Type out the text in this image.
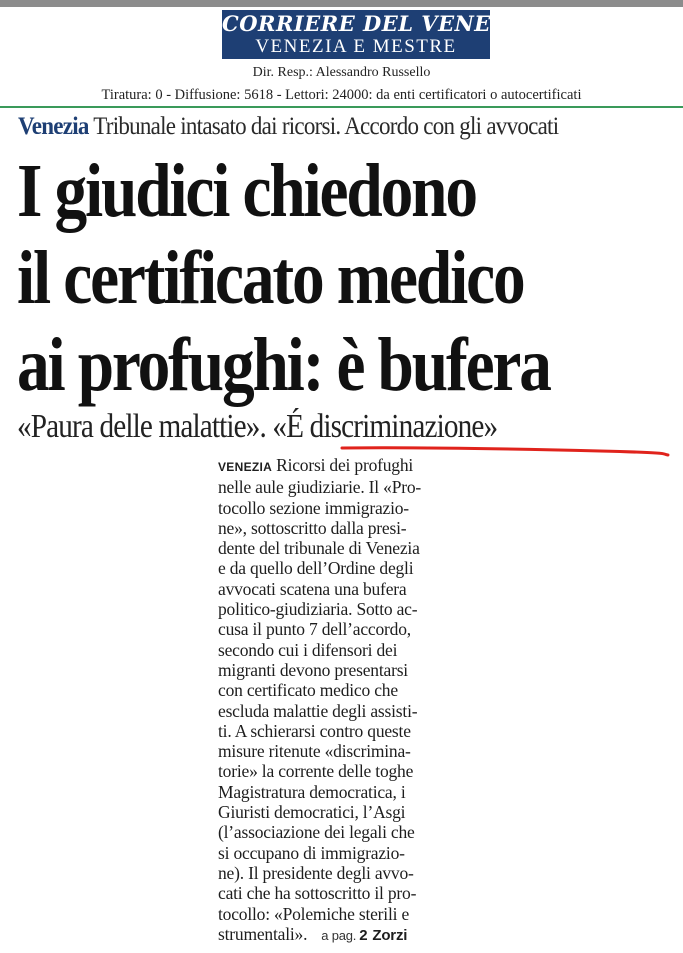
CORRIERE DEL VENETO
VENEZIA E MESTRE
Dir. Resp.: Alessandro Russello
Tiratura: 0 - Diffusione: 5618 - Lettori: 24000: da enti certificatori o autocertificati
Venezia Tribunale intasato dai ricorsi. Accordo con gli avvocati
I giudici chiedono
il certificato medico
ai profughi: è bufera
«Paura delle malattie». «É discriminazione»
VENEZIA Ricorsi dei profughi
nelle aule giudiziarie. Il «Pro-
tocollo sezione immigrazio-
ne», sottoscritto dalla presi-
dente del tribunale di Venezia
e da quello dell’Ordine degli
avvocati scatena una bufera
politico-giudiziaria. Sotto ac-
cusa il punto 7 dell’accordo,
secondo cui i difensori dei
migranti devono presentarsi
con certificato medico che
escluda malattie degli assisti-
ti. A schierarsi contro queste
misure ritenute «discrimina-
torie» la corrente delle toghe
Magistratura democratica, i
Giuristi democratici, l’Asgi
(l’associazione dei legali che
si occupano di immigrazio-
ne). Il presidente degli avvo-
cati che ha sottoscritto il pro-
tocollo: «Polemiche sterili e
strumentali». a pag. 2 Zorzi
